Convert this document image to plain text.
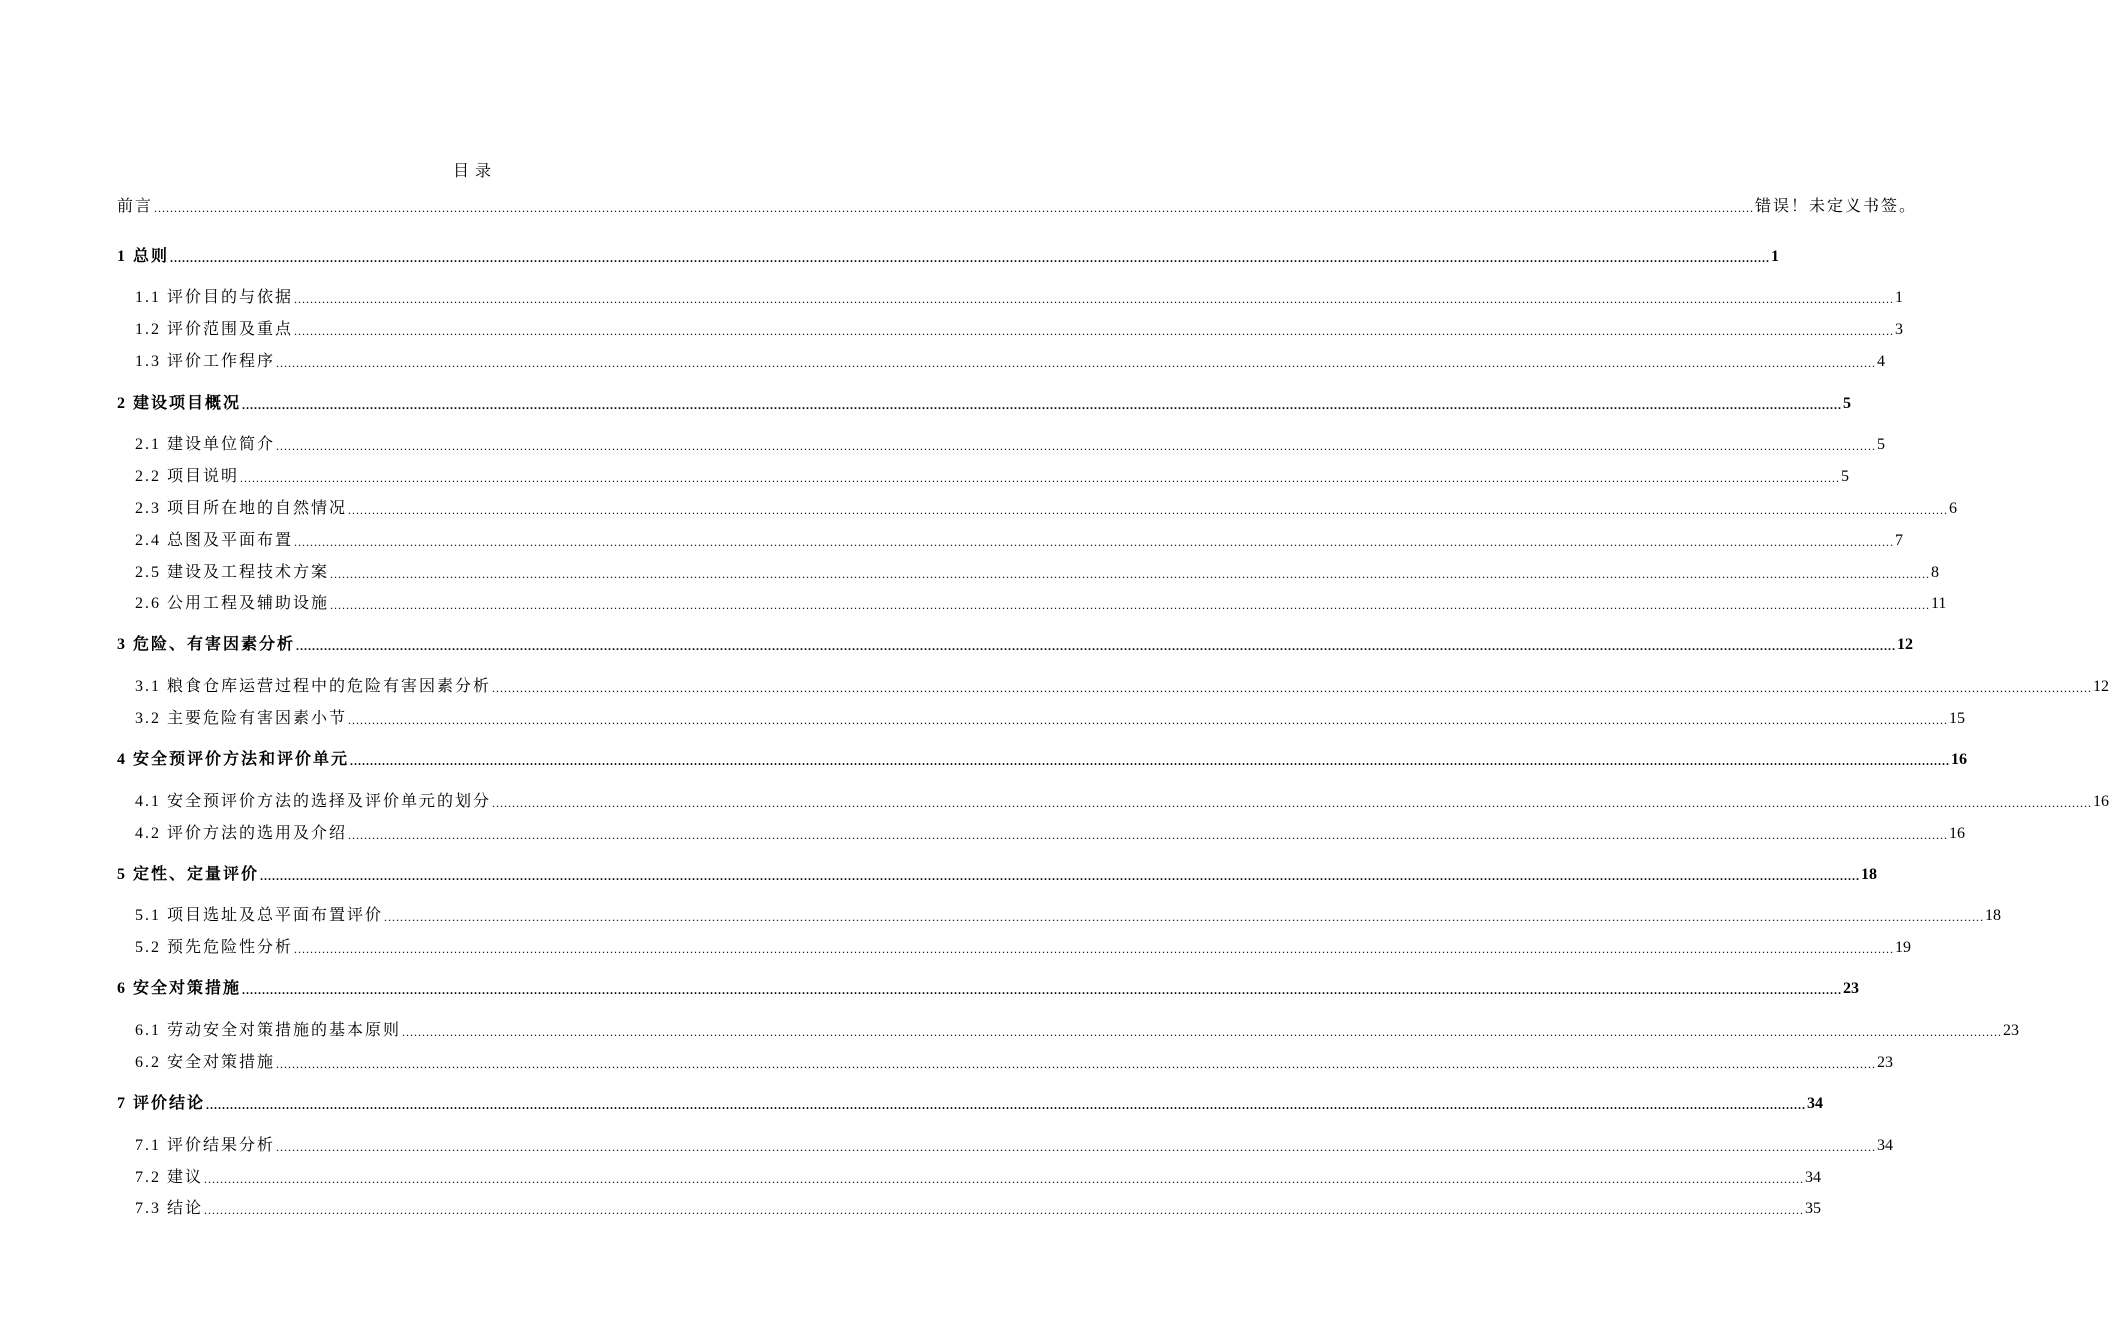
目录
前言 ................................................................................................................................................................................................................................................................................................................................................................................................................ 错误！未定义书签。
1 总则 ................................................................................................................................................................................................................................................................................................................................................................................................................ 1
1.1 评价目的与依据 ................................................................................................................................................................................................................................................................................................................................................................................................................ 1
1.2 评价范围及重点 ................................................................................................................................................................................................................................................................................................................................................................................................................ 3
1.3 评价工作程序 ................................................................................................................................................................................................................................................................................................................................................................................................................ 4
2 建设项目概况 ................................................................................................................................................................................................................................................................................................................................................................................................................ 5
2.1 建设单位简介 ................................................................................................................................................................................................................................................................................................................................................................................................................ 5
2.2 项目说明 ................................................................................................................................................................................................................................................................................................................................................................................................................ 5
2.3 项目所在地的自然情况 ................................................................................................................................................................................................................................................................................................................................................................................................................ 6
2.4 总图及平面布置 ................................................................................................................................................................................................................................................................................................................................................................................................................ 7
2.5 建设及工程技术方案 ................................................................................................................................................................................................................................................................................................................................................................................................................ 8
2.6 公用工程及辅助设施 ................................................................................................................................................................................................................................................................................................................................................................................................................ 11
3 危险、有害因素分析 ................................................................................................................................................................................................................................................................................................................................................................................................................ 12
3.1 粮食仓库运营过程中的危险有害因素分析 ................................................................................................................................................................................................................................................................................................................................................................................................................ 12
3.2 主要危险有害因素小节 ................................................................................................................................................................................................................................................................................................................................................................................................................ 15
4 安全预评价方法和评价单元 ................................................................................................................................................................................................................................................................................................................................................................................................................ 16
4.1 安全预评价方法的选择及评价单元的划分 ................................................................................................................................................................................................................................................................................................................................................................................................................ 16
4.2 评价方法的选用及介绍 ................................................................................................................................................................................................................................................................................................................................................................................................................ 16
5 定性、定量评价 ................................................................................................................................................................................................................................................................................................................................................................................................................ 18
5.1 项目选址及总平面布置评价 ................................................................................................................................................................................................................................................................................................................................................................................................................ 18
5.2 预先危险性分析 ................................................................................................................................................................................................................................................................................................................................................................................................................ 19
6 安全对策措施 ................................................................................................................................................................................................................................................................................................................................................................................................................ 23
6.1 劳动安全对策措施的基本原则 ................................................................................................................................................................................................................................................................................................................................................................................................................ 23
6.2 安全对策措施 ................................................................................................................................................................................................................................................................................................................................................................................................................ 23
7 评价结论 ................................................................................................................................................................................................................................................................................................................................................................................................................ 34
7.1 评价结果分析 ................................................................................................................................................................................................................................................................................................................................................................................................................ 34
7.2 建议 ................................................................................................................................................................................................................................................................................................................................................................................................................ 34
7.3 结论 ................................................................................................................................................................................................................................................................................................................................................................................................................ 35
